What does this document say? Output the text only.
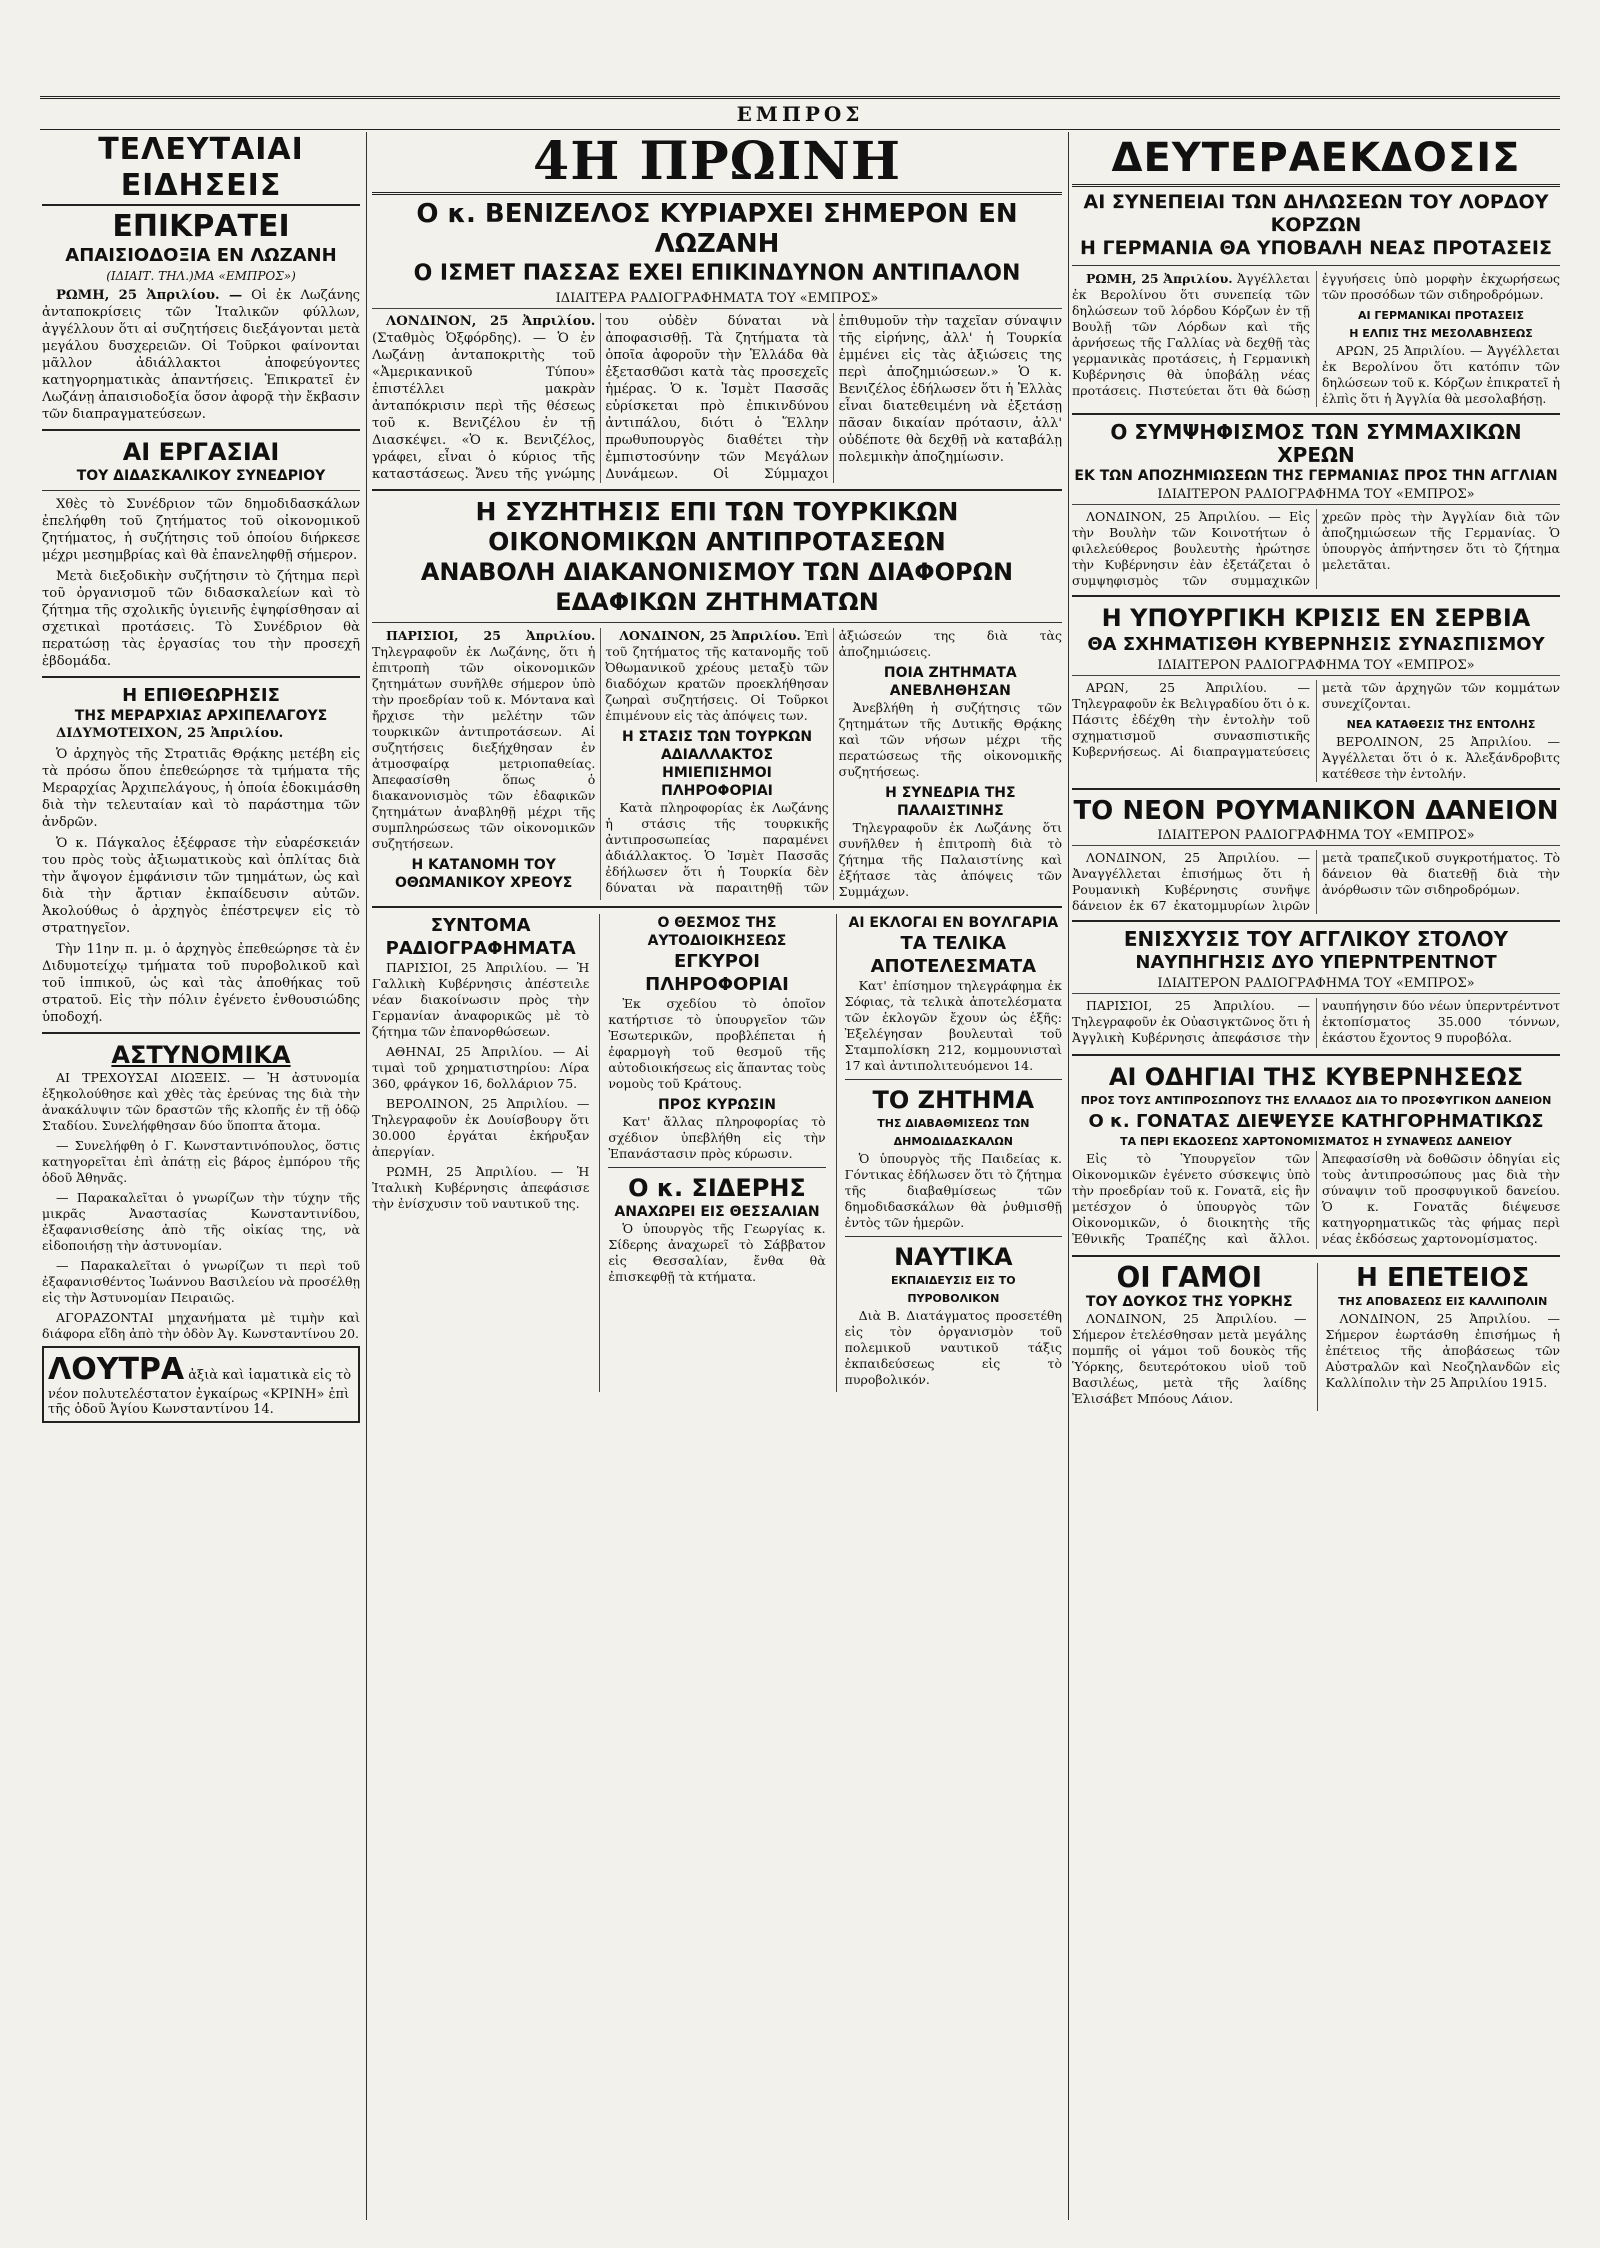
ΕΜΠΡΟΣ
ΤΕΛΕΥΤΑΙΑΙ ΕΙΔΗΣΕΙΣ
ΕΠΙΚΡΑΤΕΙ
ΑΠΑΙΣΙΟΔΟΞΙΑ ΕΝ ΛΩΖΑΝΗ
(ΙΔΙΑΙΤ. ΤΗΛ.)ΜΑ «ΕΜΠΡΟΣ»)

ΡΩΜΗ, 25 Ἀπριλίου. — Οἱ ἐκ Λωζάνης ἀνταποκρίσεις τῶν Ἰταλικῶν φύλλων, ἀγγέλλουν ὅτι αἱ συζητήσεις διεξάγονται μετὰ μεγάλου δυσχερειῶν. Οἱ Τοῦρκοι φαίνονται μᾶλλον ἀδιάλλακτοι ἀποφεύγοντες κατηγορηματικὰς ἀπαντήσεις. Ἐπικρατεῖ ἐν Λωζάνῃ ἀπαισιοδοξία ὅσον ἀφορᾷ τὴν ἔκβασιν τῶν διαπραγματεύσεων.

ΑΙ ΕΡΓΑΣΙΑΙ
ΤΟΥ ΔΙΔΑΣΚΑΛΙΚΟΥ ΣΥΝΕΔΡΙΟΥ

Χθὲς τὸ Συνέδριον τῶν δημοδιδασκάλων ἐπελήφθη τοῦ ζητήματος τοῦ οἰκονομικοῦ ζητήματος, ἡ συζήτησις τοῦ ὁποίου διήρκεσε μέχρι μεσημβρίας καὶ θὰ ἐπανεληφθῇ σήμερον.

Μετὰ διεξοδικὴν συζήτησιν τὸ ζήτημα περὶ τοῦ ὀργανισμοῦ τῶν διδασκαλείων καὶ τὸ ζήτημα τῆς σχολικῆς ὑγιεινῆς ἐψηφίσθησαν αἱ σχετικαὶ προτάσεις. Τὸ Συνέδριον θὰ περατώσῃ τὰς ἐργασίας του τὴν προσεχῆ ἑβδομάδα.

Η ΕΠΙΘΕΩΡΗΣΙΣ
ΤΗΣ ΜΕΡΑΡΧΙΑΣ ΑΡΧΙΠΕΛΑΓΟΥΣ

ΔΙΔΥΜΟΤΕΙΧΟΝ, 25 Ἀπριλίου.

Ὁ ἀρχηγὸς τῆς Στρατιᾶς Θρᾴκης μετέβη εἰς τὰ πρόσω ὅπου ἐπεθεώρησε τὰ τμήματα τῆς Μεραρχίας Ἀρχιπελάγους, ἡ ὁποία ἐδοκιμάσθη διὰ τὴν τελευταίαν καὶ τὸ παράστημα τῶν ἀνδρῶν.

Ὁ κ. Πάγκαλος ἐξέφρασε τὴν εὐαρέσκειάν του πρὸς τοὺς ἀξιωματικοὺς καὶ ὁπλίτας διὰ τὴν ἄψογον ἐμφάνισιν τῶν τμημάτων, ὡς καὶ διὰ τὴν ἄρτιαν ἐκπαίδευσιν αὐτῶν. Ἀκολούθως ὁ ἀρχηγὸς ἐπέστρεψεν εἰς τὸ στρατηγεῖον.

Τὴν 11ην π. μ. ὁ ἀρχηγὸς ἐπεθεώρησε τὰ ἐν Διδυμοτείχῳ τμήματα τοῦ πυροβολικοῦ καὶ τοῦ ἱππικοῦ, ὡς καὶ τὰς ἀποθήκας τοῦ στρατοῦ. Εἰς τὴν πόλιν ἐγένετο ἐνθουσιώδης ὑποδοχή.

ΑΣΤΥΝΟΜΙΚΑ

ΑΙ ΤΡΕΧΟΥΣΑΙ ΔΙΩΞΕΙΣ. — Ἡ ἀστυνομία ἐξηκολούθησε καὶ χθὲς τὰς ἐρεύνας της διὰ τὴν ἀνακάλυψιν τῶν δραστῶν τῆς κλοπῆς ἐν τῇ ὁδῷ Σταδίου. Συνελήφθησαν δύο ὕποπτα ἄτομα.

— Συνελήφθη ὁ Γ. Κωνσταντινόπουλος, ὅστις κατηγορεῖται ἐπὶ ἀπάτῃ εἰς βάρος ἐμπόρου τῆς ὁδοῦ Ἀθηνᾶς.

— Παρακαλεῖται ὁ γνωρίζων τὴν τύχην τῆς μικρᾶς Ἀναστασίας Κωνσταντινίδου, ἐξαφανισθείσης ἀπὸ τῆς οἰκίας της, νὰ εἰδοποιήσῃ τὴν ἀστυνομίαν.

— Παρακαλεῖται ὁ γνωρίζων τι περὶ τοῦ ἐξαφανισθέντος Ἰωάννου Βασιλείου νὰ προσέλθῃ εἰς τὴν Ἀστυνομίαν Πειραιῶς.

ΑΓΟΡΑΖΟΝΤΑΙ μηχανήματα μὲ τιμὴν καὶ διάφορα εἴδη ἀπὸ τὴν ὁδὸν Ἀγ. Κωνσταντίνου 20.

ΛΟΥΤΡΑ ἀξιὰ καὶ ἰαματικὰ εἰς τὸ νέον πολυτελέστατον ἐγκαίρως «ΚΡΙΝΗ» ἐπὶ τῆς ὁδοῦ Ἁγίου Κωνσταντίνου 14.
4Η ΠΡΩΙΝΗ
Ο κ. ΒΕΝΙΖΕΛΟΣ ΚΥΡΙΑΡΧΕΙ ΣΗΜΕΡΟΝ ΕΝ ΛΩΖΑΝΗ
Ο ΙΣΜΕΤ ΠΑΣΣΑΣ ΕΧΕΙ ΕΠΙΚΙΝΔΥΝΟΝ ΑΝΤΙΠΑΛΟΝ
ΙΔΙΑΙΤΕΡΑ ΡΑΔΙΟΓΡΑΦΗΜΑΤΑ ΤΟΥ «ΕΜΠΡΟΣ»

ΛΟΝΔΙΝΟΝ, 25 Ἀπριλίου. (Σταθμὸς Ὀξφόρδης). — Ὁ ἐν Λωζάνῃ ἀνταποκριτὴς τοῦ «Ἀμερικανικοῦ Τύπου» ἐπιστέλλει μακρὰν ἀνταπόκρισιν περὶ τῆς θέσεως τοῦ κ. Βενιζέλου ἐν τῇ Διασκέψει. «Ὁ κ. Βενιζέλος, γράφει, εἶναι ὁ κύριος τῆς καταστάσεως. Ἄνευ τῆς γνώμης του οὐδὲν δύναται νὰ ἀποφασισθῇ. Τὰ ζητήματα τὰ ὁποῖα ἀφοροῦν τὴν Ἑλλάδα θὰ ἐξετασθῶσι κατὰ τὰς προσεχεῖς ἡμέρας. Ὁ κ. Ἰσμὲτ Πασσᾶς εὑρίσκεται πρὸ ἐπικινδύνου ἀντιπάλου, διότι ὁ Ἕλλην πρωθυπουργὸς διαθέτει τὴν ἐμπιστοσύνην τῶν Μεγάλων Δυνάμεων. Οἱ Σύμμαχοι ἐπιθυμοῦν τὴν ταχεῖαν σύναψιν τῆς εἰρήνης, ἀλλ' ἡ Τουρκία ἐμμένει εἰς τὰς ἀξιώσεις της περὶ ἀποζημιώσεων.» Ὁ κ. Βενιζέλος ἐδήλωσεν ὅτι ἡ Ἑλλὰς εἶναι διατεθειμένη νὰ ἐξετάσῃ πᾶσαν δικαίαν πρότασιν, ἀλλ' οὐδέποτε θὰ δεχθῇ νὰ καταβάλῃ πολεμικὴν ἀποζημίωσιν.

Η ΣΥΖΗΤΗΣΙΣ ΕΠΙ ΤΩΝ ΤΟΥΡΚΙΚΩΝ ΟΙΚΟΝΟΜΙΚΩΝ ΑΝΤΙΠΡΟΤΑΣΕΩΝ
ΑΝΑΒΟΛΗ ΔΙΑΚΑΝΟΝΙΣΜΟΥ ΤΩΝ ΔΙΑΦΟΡΩΝ ΕΔΑΦΙΚΩΝ ΖΗΤΗΜΑΤΩΝ

ΠΑΡΙΣΙΟΙ, 25 Ἀπριλίου. Τηλεγραφοῦν ἐκ Λωζάνης, ὅτι ἡ ἐπιτροπὴ τῶν οἰκονομικῶν ζητημάτων συνῆλθε σήμερον ὑπὸ τὴν προεδρίαν τοῦ κ. Μόντανα καὶ ἤρχισε τὴν μελέτην τῶν τουρκικῶν ἀντιπροτάσεων. Αἱ συζητήσεις διεξήχθησαν ἐν ἀτμοσφαίρᾳ μετριοπαθείας. Ἀπεφασίσθη ὅπως ὁ διακανονισμὸς τῶν ἐδαφικῶν ζητημάτων ἀναβληθῇ μέχρι τῆς συμπληρώσεως τῶν οἰκονομικῶν συζητήσεων.

Η ΚΑΤΑΝΟΜΗ ΤΟΥ ΟΘΩΜΑΝΙΚΟΥ ΧΡΕΟΥΣ

ΛΟΝΔΙΝΟΝ, 25 Ἀπριλίου. Ἐπὶ τοῦ ζητήματος τῆς κατανομῆς τοῦ Ὀθωμανικοῦ χρέους μεταξὺ τῶν διαδόχων κρατῶν προεκλήθησαν ζωηραὶ συζητήσεις. Οἱ Τοῦρκοι ἐπιμένουν εἰς τὰς ἀπόψεις των.

Η ΣΤΑΣΙΣ ΤΩΝ ΤΟΥΡΚΩΝ ΑΔΙΑΛΛΑΚΤΟΣ
ΗΜΙΕΠΙΣΗΜΟΙ ΠΛΗΡΟΦΟΡΙΑΙ

Κατὰ πληροφορίας ἐκ Λωζάνης ἡ στάσις τῆς τουρκικῆς ἀντιπροσωπείας παραμένει ἀδιάλλακτος. Ὁ Ἰσμὲτ Πασσᾶς ἐδήλωσεν ὅτι ἡ Τουρκία δὲν δύναται νὰ παραιτηθῇ τῶν ἀξιώσεών της διὰ τὰς ἀποζημιώσεις.

ΠΟΙΑ ΖΗΤΗΜΑΤΑ ΑΝΕΒΛΗΘΗΣΑΝ

Ἀνεβλήθη ἡ συζήτησις τῶν ζητημάτων τῆς Δυτικῆς Θρᾴκης καὶ τῶν νήσων μέχρι τῆς περατώσεως τῆς οἰκονομικῆς συζητήσεως.

Η ΣΥΝΕΔΡΙΑ ΤΗΣ ΠΑΛΑΙΣΤΙΝΗΣ

Τηλεγραφοῦν ἐκ Λωζάνης ὅτι συνῆλθεν ἡ ἐπιτροπὴ διὰ τὸ ζήτημα τῆς Παλαιστίνης καὶ ἐξήτασε τὰς ἀπόψεις τῶν Συμμάχων.

ΣΥΝΤΟΜΑ ΡΑΔΙΟΓΡΑΦΗΜΑΤΑ

ΠΑΡΙΣΙΟΙ, 25 Ἀπριλίου. — Ἡ Γαλλικὴ Κυβέρνησις ἀπέστειλε νέαν διακοίνωσιν πρὸς τὴν Γερμανίαν ἀναφορικῶς μὲ τὸ ζήτημα τῶν ἐπανορθώσεων.

ΑΘΗΝΑΙ, 25 Ἀπριλίου. — Αἱ τιμαὶ τοῦ χρηματιστηρίου: Λίρα 360, φράγκον 16, δολλάριον 75.

ΒΕΡΟΛΙΝΟΝ, 25 Ἀπριλίου. — Τηλεγραφοῦν ἐκ Δουίσβουργ ὅτι 30.000 ἐργάται ἐκήρυξαν ἀπεργίαν.

ΡΩΜΗ, 25 Ἀπριλίου. — Ἡ Ἰταλικὴ Κυβέρνησις ἀπεφάσισε τὴν ἐνίσχυσιν τοῦ ναυτικοῦ της.

Ο ΘΕΣΜΟΣ ΤΗΣ ΑΥΤΟΔΙΟΙΚΗΣΕΩΣ
ΕΓΚΥΡΟΙ ΠΛΗΡΟΦΟΡΙΑΙ

Ἐκ σχεδίου τὸ ὁποῖον κατήρτισε τὸ ὑπουργεῖον τῶν Ἐσωτερικῶν, προβλέπεται ἡ ἐφαρμογὴ τοῦ θεσμοῦ τῆς αὐτοδιοικήσεως εἰς ἅπαντας τοὺς νομοὺς τοῦ Κράτους.

ΠΡΟΣ ΚΥΡΩΣΙΝ

Κατ' ἄλλας πληροφορίας τὸ σχέδιον ὑπεβλήθη εἰς τὴν Ἐπανάστασιν πρὸς κύρωσιν.

Ο κ. ΣΙΔΕΡΗΣ
ΑΝΑΧΩΡΕΙ ΕΙΣ ΘΕΣΣΑΛΙΑΝ

Ὁ ὑπουργὸς τῆς Γεωργίας κ. Σίδερης ἀναχωρεῖ τὸ Σάββατον εἰς Θεσσαλίαν, ἔνθα θὰ ἐπισκεφθῇ τὰ κτήματα.

ΑΙ ΕΚΛΟΓΑΙ ΕΝ ΒΟΥΛΓΑΡΙΑ
ΤΑ ΤΕΛΙΚΑ ΑΠΟΤΕΛΕΣΜΑΤΑ

Κατ' ἐπίσημον τηλεγράφημα ἐκ Σόφιας, τὰ τελικὰ ἀποτελέσματα τῶν ἐκλογῶν ἔχουν ὡς ἑξῆς: Ἐξελέγησαν βουλευταὶ τοῦ Σταμπολίσκη 212, κομμουνισταὶ 17 καὶ ἀντιπολιτευόμενοι 14.

ΤΟ ΖΗΤΗΜΑ
ΤΗΣ ΔΙΑΒΑΘΜΙΣΕΩΣ ΤΩΝ ΔΗΜΟΔΙΔΑΣΚΑΛΩΝ

Ὁ ὑπουργὸς τῆς Παιδείας κ. Γόντικας ἐδήλωσεν ὅτι τὸ ζήτημα τῆς διαβαθμίσεως τῶν δημοδιδασκάλων θὰ ῥυθμισθῇ ἐντὸς τῶν ἡμερῶν.

ΝΑΥΤΙΚΑ
ΕΚΠΑΙΔΕΥΣΙΣ ΕΙΣ ΤΟ ΠΥΡΟΒΟΛΙΚΟΝ

Διὰ Β. Διατάγματος προσετέθη εἰς τὸν ὀργανισμὸν τοῦ πολεμικοῦ ναυτικοῦ τάξις ἐκπαιδεύσεως εἰς τὸ πυροβολικόν.

ΔΕΥΤΕΡΑΕΚΔΟΣΙΣ
ΑΙ ΣΥΝΕΠΕΙΑΙ ΤΩΝ ΔΗΛΩΣΕΩΝ ΤΟΥ ΛΟΡΔΟΥ ΚΟΡΖΩΝ
Η ΓΕΡΜΑΝΙΑ ΘΑ ΥΠΟΒΑΛΗ ΝΕΑΣ ΠΡΟΤΑΣΕΙΣ

ΡΩΜΗ, 25 Ἀπριλίου. Ἀγγέλλεται ἐκ Βερολίνου ὅτι συνεπείᾳ τῶν δηλώσεων τοῦ λόρδου Κόρζων ἐν τῇ Βουλῇ τῶν Λόρδων καὶ τῆς ἀρνήσεως τῆς Γαλλίας νὰ δεχθῇ τὰς γερμανικὰς προτάσεις, ἡ Γερμανικὴ Κυβέρνησις θὰ ὑποβάλῃ νέας προτάσεις. Πιστεύεται ὅτι θὰ δώσῃ ἐγγυήσεις ὑπὸ μορφὴν ἐκχωρήσεως τῶν προσόδων τῶν σιδηροδρόμων.

ΑΙ ΓΕΡΜΑΝΙΚΑΙ ΠΡΟΤΑΣΕΙΣ
Η ΕΛΠΙΣ ΤΗΣ ΜΕΣΟΛΑΒΗΣΕΩΣ

ΑΡΩΝ, 25 Ἀπριλίου. — Ἀγγέλλεται ἐκ Βερολίνου ὅτι κατόπιν τῶν δηλώσεων τοῦ κ. Κόρζων ἐπικρατεῖ ἡ ἐλπὶς ὅτι ἡ Ἀγγλία θὰ μεσολαβήσῃ.

Ο ΣΥΜΨΗΦΙΣΜΟΣ ΤΩΝ ΣΥΜΜΑΧΙΚΩΝ ΧΡΕΩΝ
ΕΚ ΤΩΝ ΑΠΟΖΗΜΙΩΣΕΩΝ ΤΗΣ ΓΕΡΜΑΝΙΑΣ ΠΡΟΣ ΤΗΝ ΑΓΓΛΙΑΝ
ΙΔΙΑΙΤΕΡΟΝ ΡΑΔΙΟΓΡΑΦΗΜΑ ΤΟΥ «ΕΜΠΡΟΣ»

ΛΟΝΔΙΝΟΝ, 25 Ἀπριλίου. — Εἰς τὴν Βουλὴν τῶν Κοινοτήτων ὁ φιλελεύθερος βουλευτὴς ἠρώτησε τὴν Κυβέρνησιν ἐὰν ἐξετάζεται ὁ συμψηφισμὸς τῶν συμμαχικῶν χρεῶν πρὸς τὴν Ἀγγλίαν διὰ τῶν ἀποζημιώσεων τῆς Γερμανίας. Ὁ ὑπουργὸς ἀπήντησεν ὅτι τὸ ζήτημα μελετᾶται.

Η ΥΠΟΥΡΓΙΚΗ ΚΡΙΣΙΣ ΕΝ ΣΕΡΒΙΑ
ΘΑ ΣΧΗΜΑΤΙΣΘΗ ΚΥΒΕΡΝΗΣΙΣ ΣΥΝΑΣΠΙΣΜΟΥ
ΙΔΙΑΙΤΕΡΟΝ ΡΑΔΙΟΓΡΑΦΗΜΑ ΤΟΥ «ΕΜΠΡΟΣ»

ΑΡΩΝ, 25 Ἀπριλίου. — Τηλεγραφοῦν ἐκ Βελιγραδίου ὅτι ὁ κ. Πάσιτς ἐδέχθη τὴν ἐντολὴν τοῦ σχηματισμοῦ συνασπιστικῆς Κυβερνήσεως. Αἱ διαπραγματεύσεις μετὰ τῶν ἀρχηγῶν τῶν κομμάτων συνεχίζονται.

ΝΕΑ ΚΑΤΑΘΕΣΙΣ ΤΗΣ ΕΝΤΟΛΗΣ

ΒΕΡΟΛΙΝΟΝ, 25 Ἀπριλίου. — Ἀγγέλλεται ὅτι ὁ κ. Ἀλεξάνδροβιτς κατέθεσε τὴν ἐντολήν.

ΤΟ ΝΕΟΝ ΡΟΥΜΑΝΙΚΟΝ ΔΑΝΕΙΟΝ
ΙΔΙΑΙΤΕΡΟΝ ΡΑΔΙΟΓΡΑΦΗΜΑ ΤΟΥ «ΕΜΠΡΟΣ»

ΛΟΝΔΙΝΟΝ, 25 Ἀπριλίου. — Ἀναγγέλλεται ἐπισήμως ὅτι ἡ Ρουμανικὴ Κυβέρνησις συνῆψε δάνειον ἐκ 67 ἑκατομμυρίων λιρῶν μετὰ τραπεζικοῦ συγκροτήματος. Τὸ δάνειον θὰ διατεθῇ διὰ τὴν ἀνόρθωσιν τῶν σιδηροδρόμων.

ΕΝΙΣΧΥΣΙΣ ΤΟΥ ΑΓΓΛΙΚΟΥ ΣΤΟΛΟΥ
ΝΑΥΠΗΓΗΣΙΣ ΔΥΟ ΥΠΕΡΝΤΡΕΝΤΝΟΤ
ΙΔΙΑΙΤΕΡΟΝ ΡΑΔΙΟΓΡΑΦΗΜΑ ΤΟΥ «ΕΜΠΡΟΣ»

ΠΑΡΙΣΙΟΙ, 25 Ἀπριλίου. — Τηλεγραφοῦν ἐκ Οὐασιγκτῶνος ὅτι ἡ Ἀγγλικὴ Κυβέρνησις ἀπεφάσισε τὴν ναυπήγησιν δύο νέων ὑπερντρέντνοτ ἐκτοπίσματος 35.000 τόννων, ἑκάστου ἔχοντος 9 πυροβόλα.

ΑΙ ΟΔΗΓΙΑΙ ΤΗΣ ΚΥΒΕΡΝΗΣΕΩΣ
ΠΡΟΣ ΤΟΥΣ ΑΝΤΙΠΡΟΣΩΠΟΥΣ ΤΗΣ ΕΛΛΑΔΟΣ ΔΙΑ ΤΟ ΠΡΟΣΦΥΓΙΚΟΝ ΔΑΝΕΙΟΝ
Ο κ. ΓΟΝΑΤΑΣ ΔΙΕΨΕΥΣΕ ΚΑΤΗΓΟΡΗΜΑΤΙΚΩΣ
ΤΑ ΠΕΡΙ ΕΚΔΟΣΕΩΣ ΧΑΡΤΟΝΟΜΙΣΜΑΤΟΣ Η ΣΥΝΑΨΕΩΣ ΔΑΝΕΙΟΥ

Εἰς τὸ Ὑπουργεῖον τῶν Οἰκονομικῶν ἐγένετο σύσκεψις ὑπὸ τὴν προεδρίαν τοῦ κ. Γονατᾶ, εἰς ἣν μετέσχον ὁ ὑπουργὸς τῶν Οἰκονομικῶν, ὁ διοικητὴς τῆς Ἐθνικῆς Τραπέζης καὶ ἄλλοι. Ἀπεφασίσθη νὰ δοθῶσιν ὁδηγίαι εἰς τοὺς ἀντιπροσώπους μας διὰ τὴν σύναψιν τοῦ προσφυγικοῦ δανείου. Ὁ κ. Γονατᾶς διέψευσε κατηγορηματικῶς τὰς φήμας περὶ νέας ἐκδόσεως χαρτονομίσματος.

ΟΙ ΓΑΜΟΙ
ΤΟΥ ΔΟΥΚΟΣ ΤΗΣ ΥΟΡΚΗΣ

ΛΟΝΔΙΝΟΝ, 25 Ἀπριλίου. — Σήμερον ἐτελέσθησαν μετὰ μεγάλης πομπῆς οἱ γάμοι τοῦ δουκὸς τῆς Ὑόρκης, δευτερότοκου υἱοῦ τοῦ Βασιλέως, μετὰ τῆς λαίδης Ἐλισάβετ Μπόους Λάιον.

Η ΕΠΕΤΕΙΟΣ
ΤΗΣ ΑΠΟΒΑΣΕΩΣ ΕΙΣ ΚΑΛΛΙΠΟΛΙΝ

ΛΟΝΔΙΝΟΝ, 25 Ἀπριλίου. — Σήμερον ἑωρτάσθη ἐπισήμως ἡ ἐπέτειος τῆς ἀποβάσεως τῶν Αὐστραλῶν καὶ Νεοζηλανδῶν εἰς Καλλίπολιν τὴν 25 Ἀπριλίου 1915.
